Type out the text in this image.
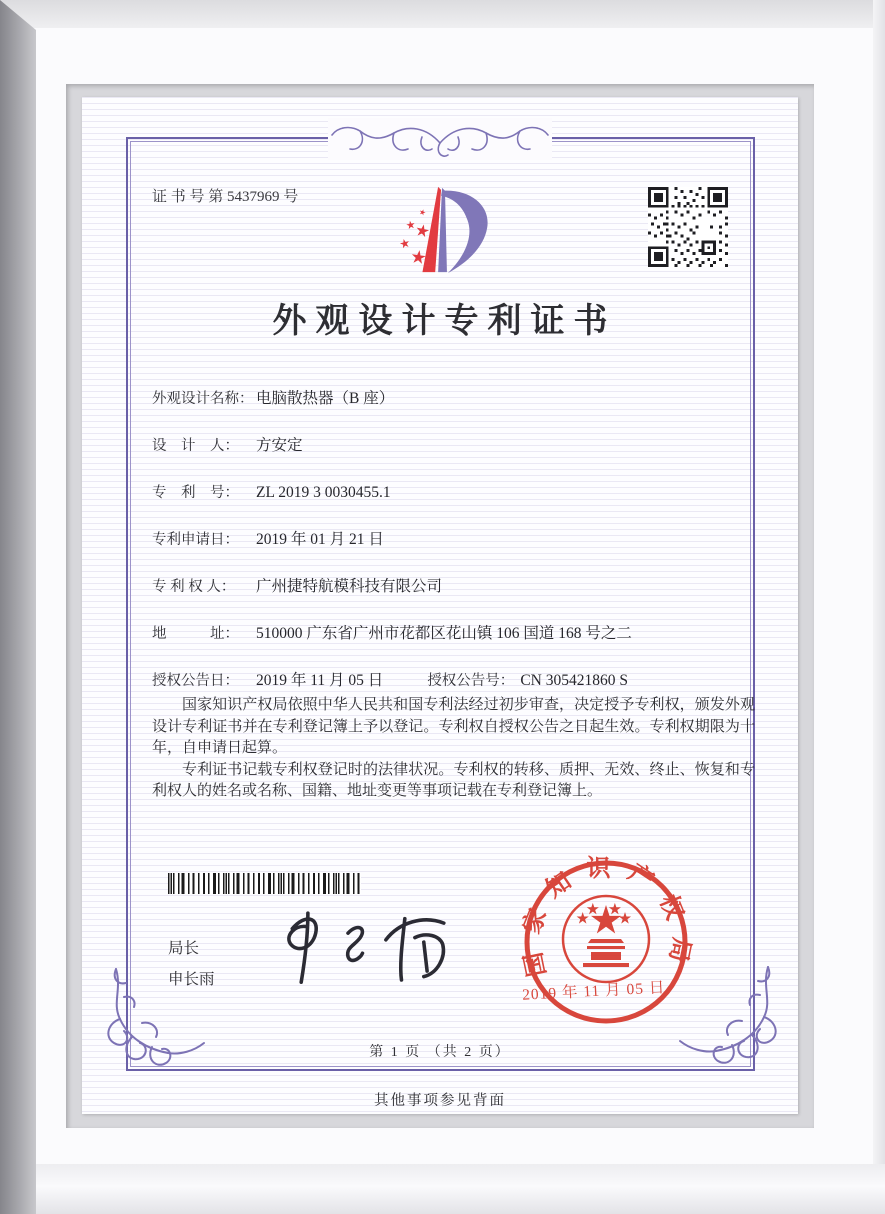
证 书 号 第 5437969 号
外观设计专利证书
外观设计名称： 电脑散热器（B 座）
设　计　人： 方安定
专　利　号： ZL 2019 3 0030455.1
专利申请日： 2019 年 01 月 21 日
专 利 权 人： 广州捷特航模科技有限公司
地　　　址： 510000 广东省广州市花都区花山镇 106 国道 168 号之二
授权公告日： 2019 年 11 月 05 日	授权公告号： CN 305421860 S

国家知识产权局依照中华人民共和国专利法经过初步审查，决定授予专利权，颁发外观设计专利证书并在专利登记簿上予以登记。专利权自授权公告之日起生效。专利权期限为十年，自申请日起算。

专利证书记载专利权登记时的法律状况。专利权的转移、质押、无效、终止、恢复和专利权人的姓名或名称、国籍、地址变更等事项记载在专利登记簿上。

局长
申长雨
国家知识产权局
2019 年 11 月 05 日
第 1 页 （共 2 页）
其他事项参见背面
